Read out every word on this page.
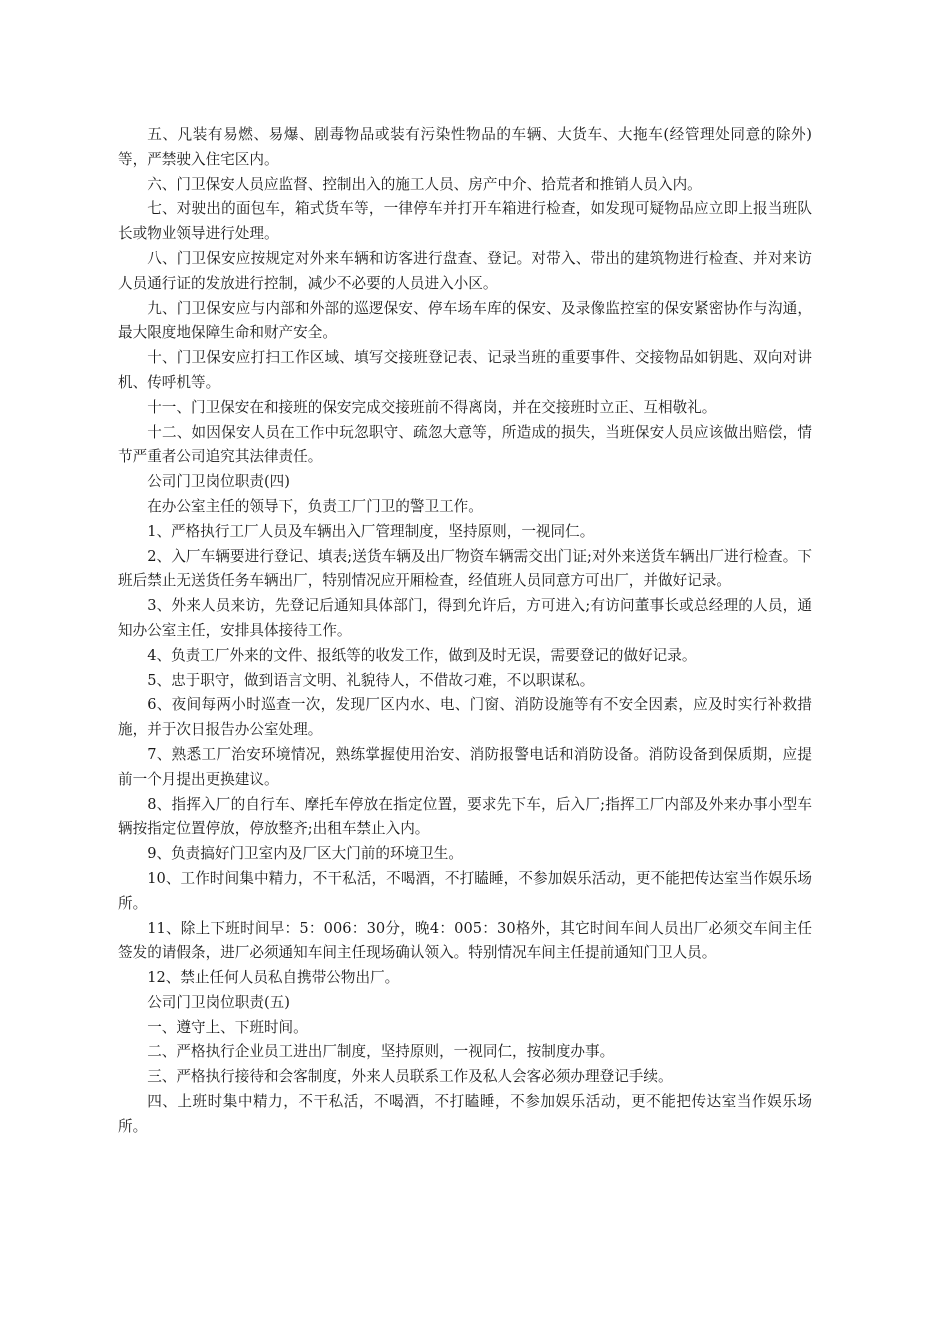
五、凡装有易燃、易爆、剧毒物品或装有污染性物品的车辆、大货车、大拖车(经管理处同意的除外)等，严禁驶入住宅区内。

六、门卫保安人员应监督、控制出入的施工人员、房产中介、拾荒者和推销人员入内。

七、对驶出的面包车，箱式货车等，一律停车并打开车箱进行检查，如发现可疑物品应立即上报当班队长或物业领导进行处理。

八、门卫保安应按规定对外来车辆和访客进行盘查、登记。对带入、带出的建筑物进行检查、并对来访人员通行证的发放进行控制，减少不必要的人员进入小区。

九、门卫保安应与内部和外部的巡逻保安、停车场车库的保安、及录像监控室的保安紧密协作与沟通，最大限度地保障生命和财产安全。

十、门卫保安应打扫工作区域、填写交接班登记表、记录当班的重要事件、交接物品如钥匙、双向对讲机、传呼机等。

十一、门卫保安在和接班的保安完成交接班前不得离岗，并在交接班时立正、互相敬礼。

十二、如因保安人员在工作中玩忽职守、疏忽大意等，所造成的损失，当班保安人员应该做出赔偿，情节严重者公司追究其法律责任。

公司门卫岗位职责(四)

在办公室主任的领导下，负责工厂门卫的警卫工作。

1、严格执行工厂人员及车辆出入厂管理制度，坚持原则，一视同仁。

2、入厂车辆要进行登记、填表;送货车辆及出厂物资车辆需交出门证;对外来送货车辆出厂进行检查。下班后禁止无送货任务车辆出厂，特别情况应开厢检查，经值班人员同意方可出厂，并做好记录。

3、外来人员来访，先登记后通知具体部门，得到允许后，方可进入;有访问董事长或总经理的人员，通知办公室主任，安排具体接待工作。

4、负责工厂外来的文件、报纸等的收发工作，做到及时无误，需要登记的做好记录。

5、忠于职守，做到语言文明、礼貌待人，不借故刁难，不以职谋私。

6、夜间每两小时巡查一次，发现厂区内水、电、门窗、消防设施等有不安全因素，应及时实行补救措施，并于次日报告办公室处理。

7、熟悉工厂治安环境情况，熟练掌握使用治安、消防报警电话和消防设备。消防设备到保质期，应提前一个月提出更换建议。

8、指挥入厂的自行车、摩托车停放在指定位置，要求先下车，后入厂;指挥工厂内部及外来办事小型车辆按指定位置停放，停放整齐;出租车禁止入内。

9、负责搞好门卫室内及厂区大门前的环境卫生。

10、工作时间集中精力，不干私活，不喝酒，不打瞌睡，不参加娱乐活动，更不能把传达室当作娱乐场所。

11、除上下班时间早：5：006：30分，晚4：005：30格外，其它时间车间人员出厂必须交车间主任签发的请假条，进厂必须通知车间主任现场确认领入。特别情况车间主任提前通知门卫人员。

12、禁止任何人员私自携带公物出厂。

公司门卫岗位职责(五)

一、遵守上、下班时间。

二、严格执行企业员工进出厂制度，坚持原则，一视同仁，按制度办事。

三、严格执行接待和会客制度，外来人员联系工作及私人会客必须办理登记手续。

四、上班时集中精力，不干私活，不喝酒，不打瞌睡，不参加娱乐活动，更不能把传达室当作娱乐场所。
